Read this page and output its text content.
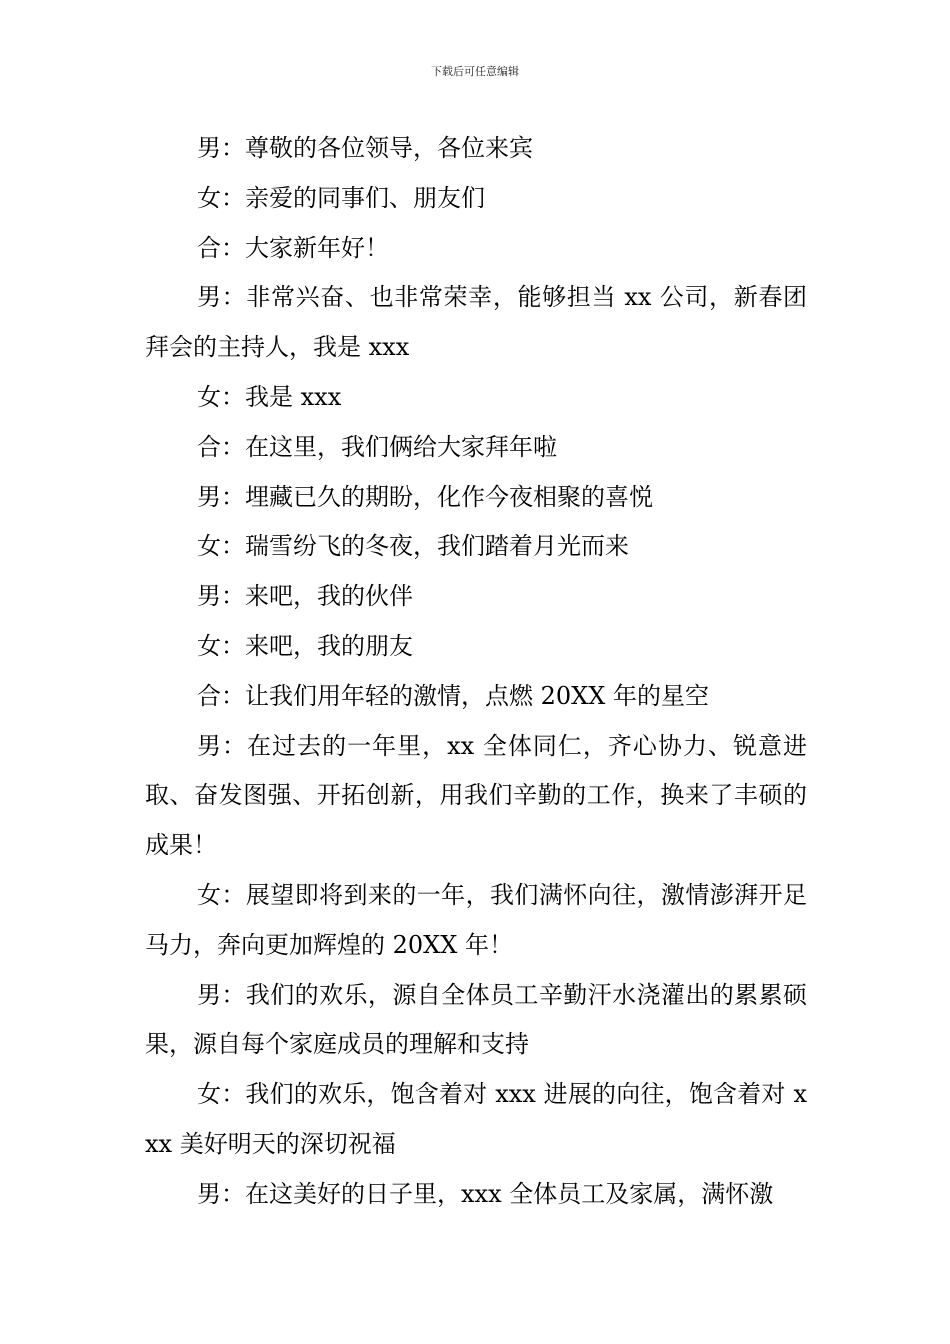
下载后可任意编辑

男：尊敬的各位领导，各位来宾

女：亲爱的同事们、朋友们

合：大家新年好！

男：非常兴奋、也非常荣幸，能够担当 xx 公司，新春团拜会的主持人，我是 xxx

女：我是 xxx

合：在这里，我们俩给大家拜年啦

男：埋藏已久的期盼，化作今夜相聚的喜悦

女：瑞雪纷飞的冬夜，我们踏着月光而来

男：来吧，我的伙伴

女：来吧，我的朋友

合：让我们用年轻的激情，点燃 20XX 年的星空

男：在过去的一年里，xx 全体同仁，齐心协力、锐意进取、奋发图强、开拓创新，用我们辛勤的工作，换来了丰硕的成果！

女：展望即将到来的一年，我们满怀向往，激情澎湃开足马力，奔向更加辉煌的 20XX 年！

男：我们的欢乐，源自全体员工辛勤汗水浇灌出的累累硕果，源自每个家庭成员的理解和支持

女：我们的欢乐，饱含着对 xxx 进展的向往，饱含着对 xxx 美好明天的深切祝福

男：在这美好的日子里，xxx 全体员工及家属，满怀激
